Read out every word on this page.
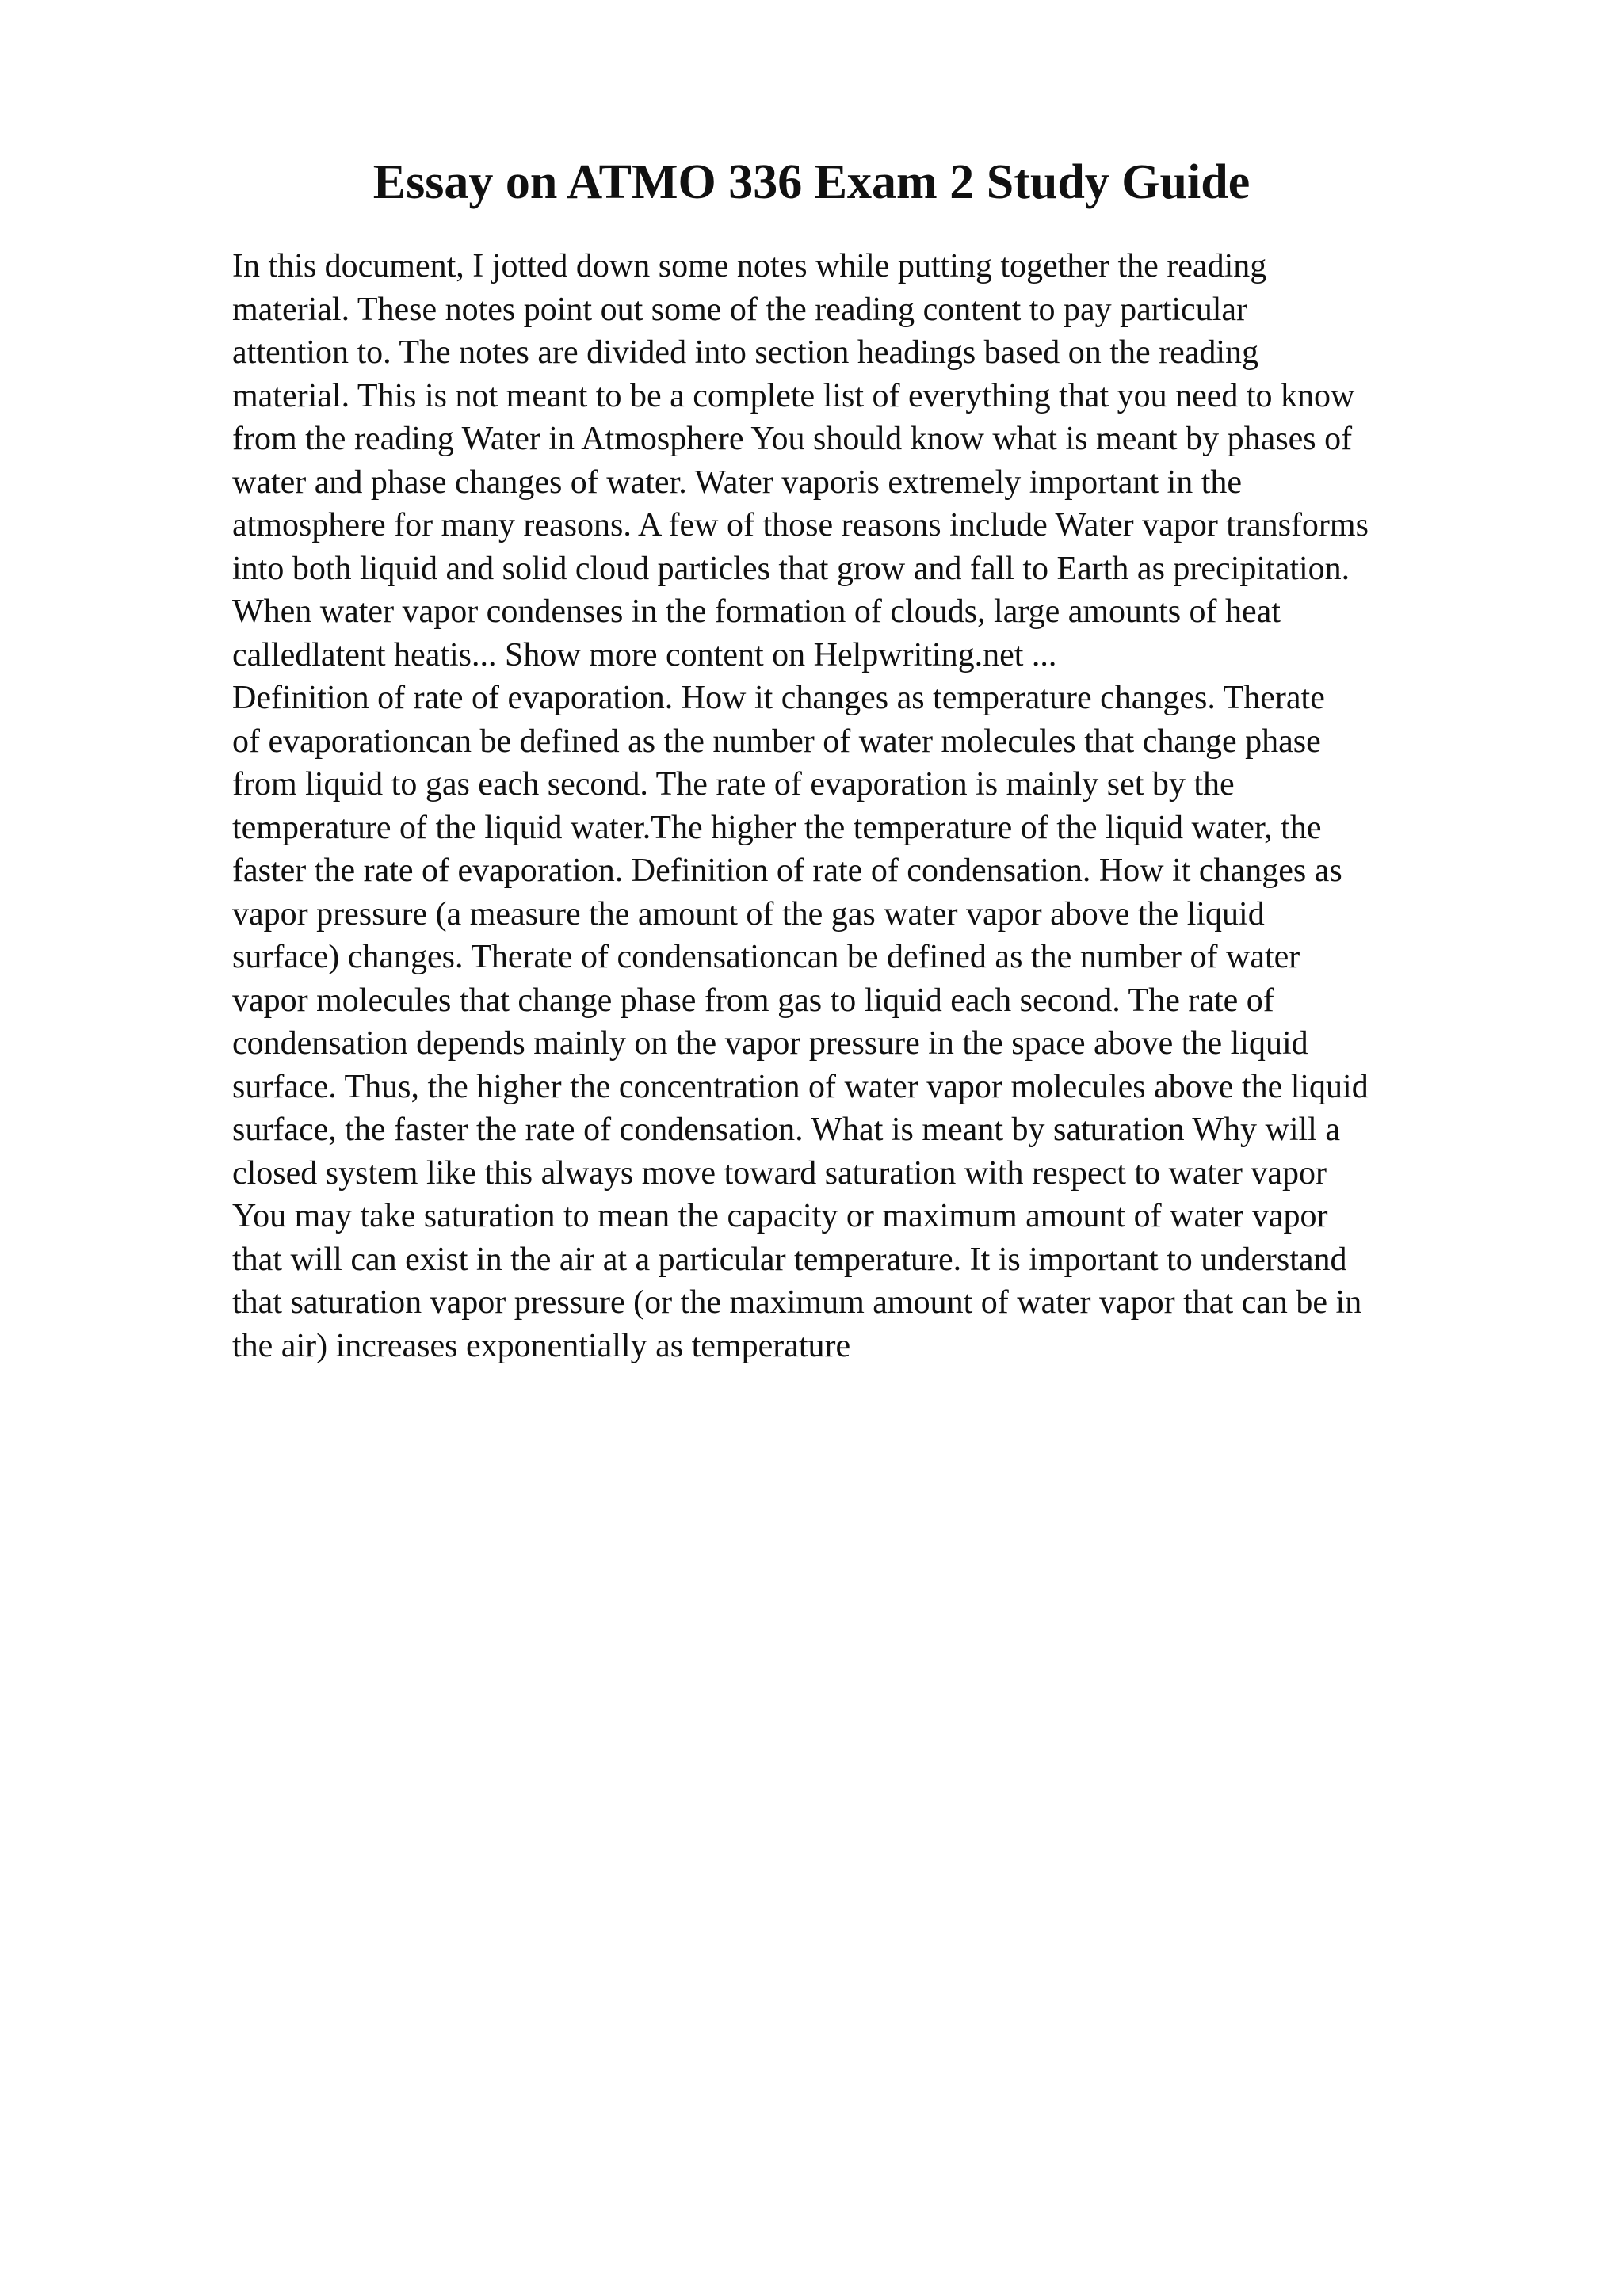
Essay on ATMO 336 Exam 2 Study Guide
In this document, I jotted down some notes while putting together the reading
material. These notes point out some of the reading content to pay particular
attention to. The notes are divided into section headings based on the reading
material. This is not meant to be a complete list of everything that you need to know
from the reading Water in Atmosphere You should know what is meant by phases of
water and phase changes of water. Water vaporis extremely important in the
atmosphere for many reasons. A few of those reasons include Water vapor transforms
into both liquid and solid cloud particles that grow and fall to Earth as precipitation.
When water vapor condenses in the formation of clouds, large amounts of heat
calledlatent heatis... Show more content on Helpwriting.net ...
Definition of rate of evaporation. How it changes as temperature changes. Therate
of evaporationcan be defined as the number of water molecules that change phase
from liquid to gas each second. The rate of evaporation is mainly set by the
temperature of the liquid water.The higher the temperature of the liquid water, the
faster the rate of evaporation. Definition of rate of condensation. How it changes as
vapor pressure (a measure the amount of the gas water vapor above the liquid
surface) changes. Therate of condensationcan be defined as the number of water
vapor molecules that change phase from gas to liquid each second. The rate of
condensation depends mainly on the vapor pressure in the space above the liquid
surface. Thus, the higher the concentration of water vapor molecules above the liquid
surface, the faster the rate of condensation. What is meant by saturation Why will a
closed system like this always move toward saturation with respect to water vapor
You may take saturation to mean the capacity or maximum amount of water vapor
that will can exist in the air at a particular temperature. It is important to understand
that saturation vapor pressure (or the maximum amount of water vapor that can be in
the air) increases exponentially as temperature
